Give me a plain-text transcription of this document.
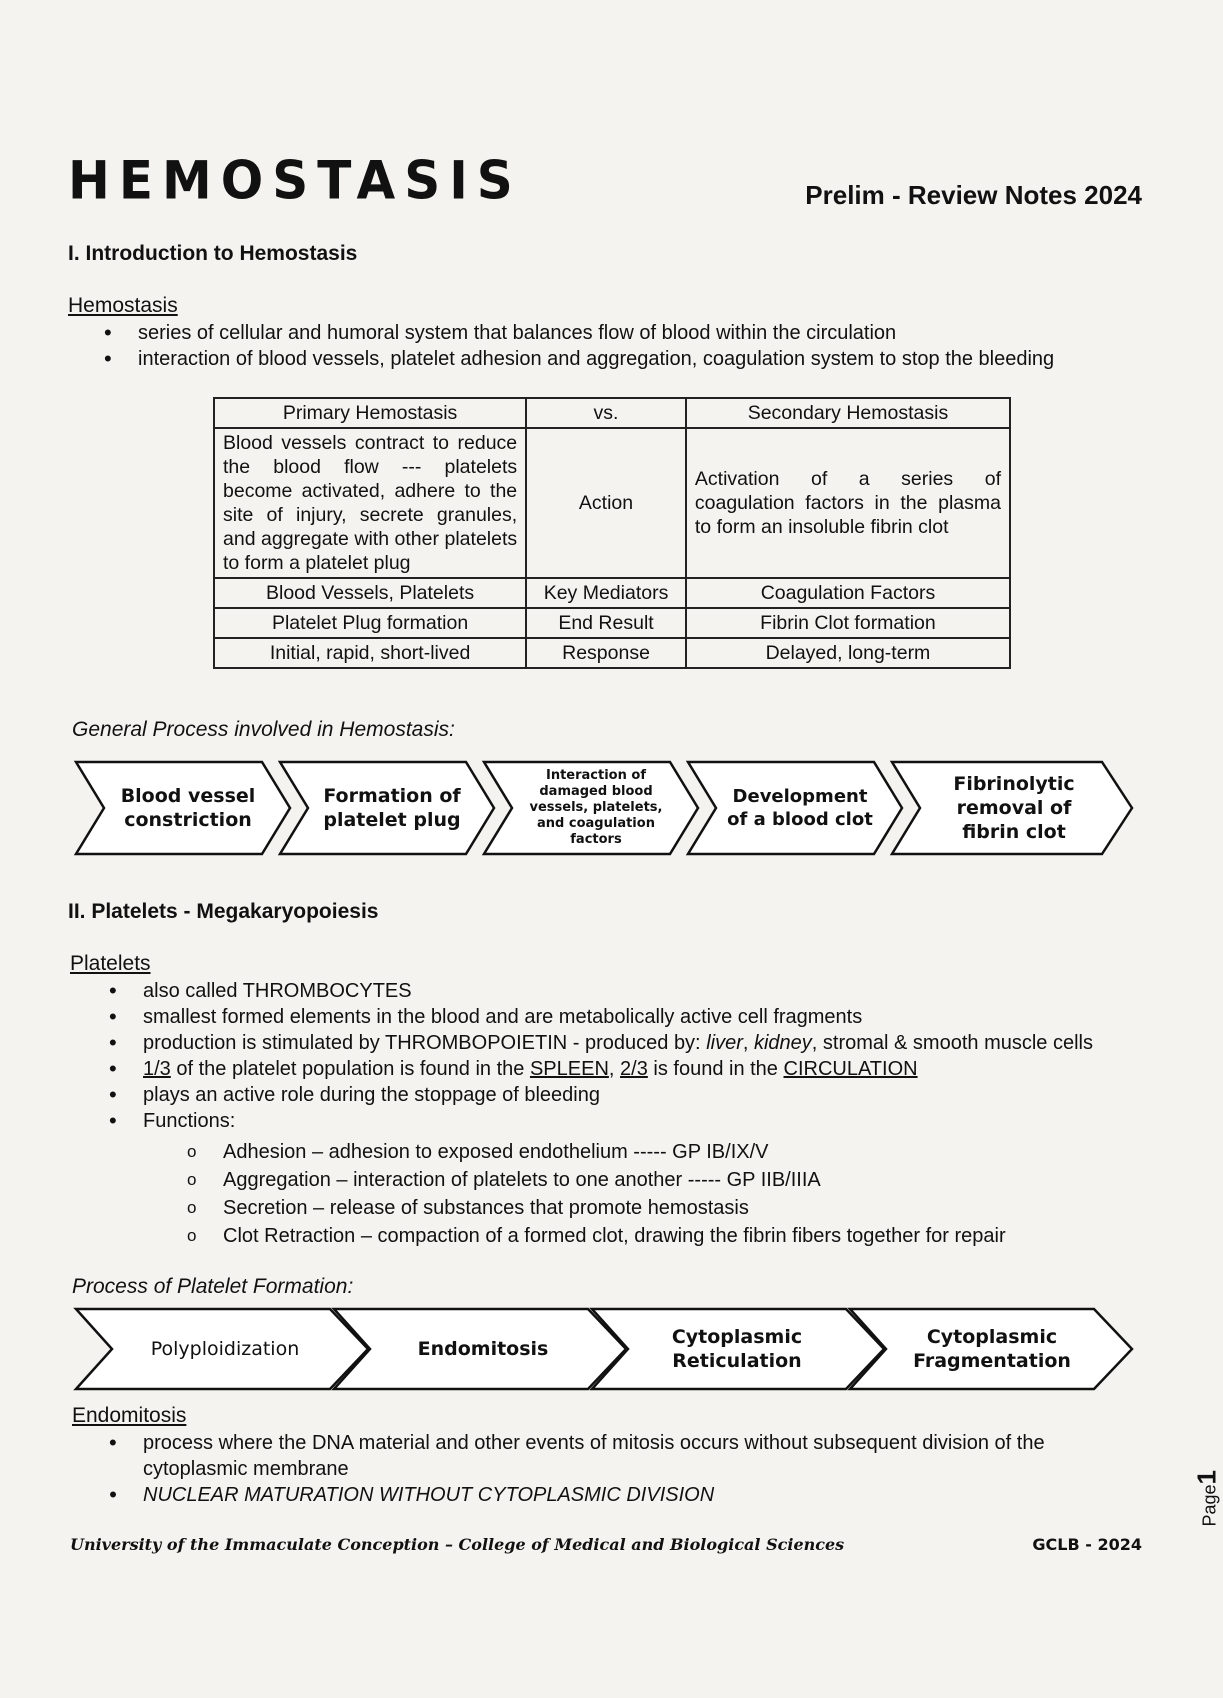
HEMOSTASIS	Prelim - Review Notes 2024
I. Introduction to Hemostasis
Hemostasis
• series of cellular and humoral system that balances flow of blood within the circulation
• interaction of blood vessels, platelet adhesion and aggregation, coagulation system to stop the bleeding
Primary Hemostasis	vs.	Secondary Hemostasis
Blood vessels contract to reduce the blood flow --- platelets become activated, adhere to the site of injury, secrete granules, and aggregate with other platelets to form a platelet plug	Action	Activation of a series of coagulation factors in the plasma to form an insoluble fibrin clot
Blood Vessels, Platelets	Key Mediators	Coagulation Factors
Platelet Plug formation	End Result	Fibrin Clot formation
Initial, rapid, short-lived	Response	Delayed, long-term
General Process involved in Hemostasis:
Blood vessel constriction
Formation of platelet plug
Interaction of damaged blood vessels, platelets, and coagulation factors
Development of a blood clot
Fibrinolytic removal of fibrin clot
II. Platelets - Megakaryopoiesis
Platelets
• also called THROMBOCYTES
• smallest formed elements in the blood and are metabolically active cell fragments
• production is stimulated by THROMBOPOIETIN - produced by: liver, kidney, stromal & smooth muscle cells
• 1/3 of the platelet population is found in the SPLEEN, 2/3 is found in the CIRCULATION
• plays an active role during the stoppage of bleeding
• Functions:
o Adhesion – adhesion to exposed endothelium ----- GP IB/IX/V
o Aggregation – interaction of platelets to one another ----- GP IIB/IIIA
o Secretion – release of substances that promote hemostasis
o Clot Retraction – compaction of a formed clot, drawing the fibrin fibers together for repair
Process of Platelet Formation:
Polyploidization	Endomitosis
Cytoplasmic Reticulation
Cytoplasmic Fragmentation
Endomitosis
• process where the DNA material and other events of mitosis occurs without subsequent division of the cytoplasmic membrane
• NUCLEAR MATURATION WITHOUT CYTOPLASMIC DIVISION
University of the Immaculate Conception – College of Medical and Biological Sciences	GCLB - 2024
Page1
